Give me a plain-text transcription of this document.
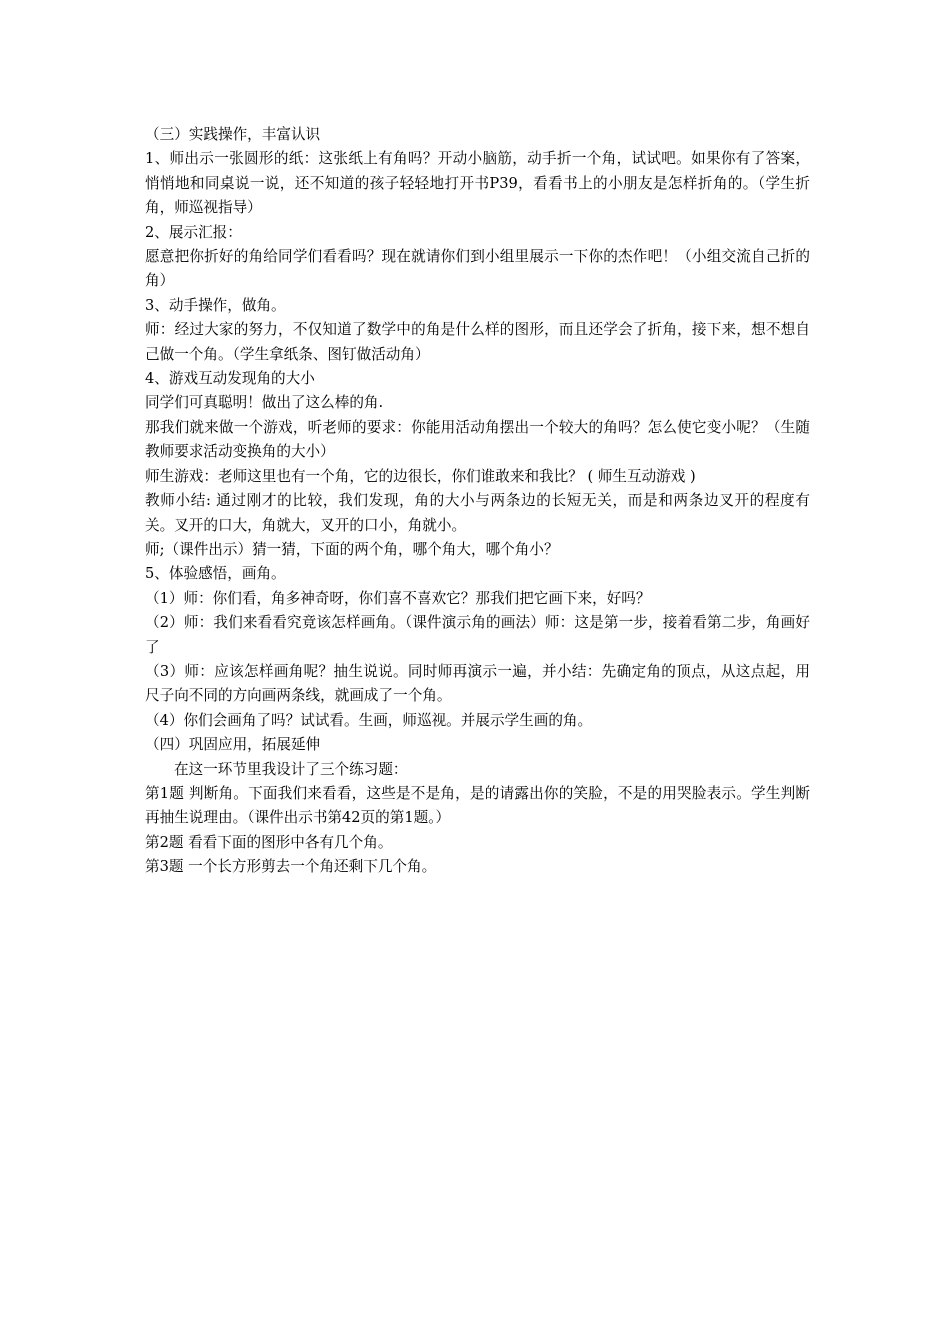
（三）实践操作，丰富认识

1、师出示一张圆形的纸：这张纸上有角吗？开动小脑筋，动手折一个角，试试吧。如果你有了答案，悄悄地和同桌说一说，还不知道的孩子轻轻地打开书P39，看看书上的小朋友是怎样折角的。（学生折角，师巡视指导）

2、展示汇报：

愿意把你折好的角给同学们看看吗？现在就请你们到小组里展示一下你的杰作吧！（小组交流自己折的角）

3、动手操作，做角。

师：经过大家的努力，不仅知道了数学中的角是什么样的图形，而且还学会了折角，接下来，想不想自己做一个角。（学生拿纸条、图钉做活动角）

4、游戏互动发现角的大小

同学们可真聪明！做出了这么棒的角.

那我们就来做一个游戏，听老师的要求：你能用活动角摆出一个较大的角吗？怎么使它变小呢？（生随教师要求活动变换角的大小）

师生游戏：老师这里也有一个角，它的边很长，你们谁敢来和我比？ ( 师生互动游戏 )

教师小结: 通过刚才的比较，我们发现，角的大小与两条边的长短无关，而是和两条边叉开的程度有关。叉开的口大，角就大，叉开的口小，角就小。

师;（课件出示）猜一猜，下面的两个角，哪个角大，哪个角小？

5、体验感悟，画角。

（1）师：你们看，角多神奇呀，你们喜不喜欢它？那我们把它画下来，好吗？

（2）师：我们来看看究竟该怎样画角。（课件演示角的画法）师：这是第一步，接着看第二步，角画好了

（3）师：应该怎样画角呢？抽生说说。同时师再演示一遍，并小结：先确定角的顶点，从这点起，用尺子向不同的方向画两条线，就画成了一个角。

（4）你们会画角了吗？试试看。生画，师巡视。并展示学生画的角。

（四）巩固应用，拓展延伸

在这一环节里我设计了三个练习题：

第1题 判断角。下面我们来看看，这些是不是角，是的请露出你的笑脸，不是的用哭脸表示。学生判断再抽生说理由。（课件出示书第42页的第1题。）

第2题 看看下面的图形中各有几个角。

第3题 一个长方形剪去一个角还剩下几个角。
